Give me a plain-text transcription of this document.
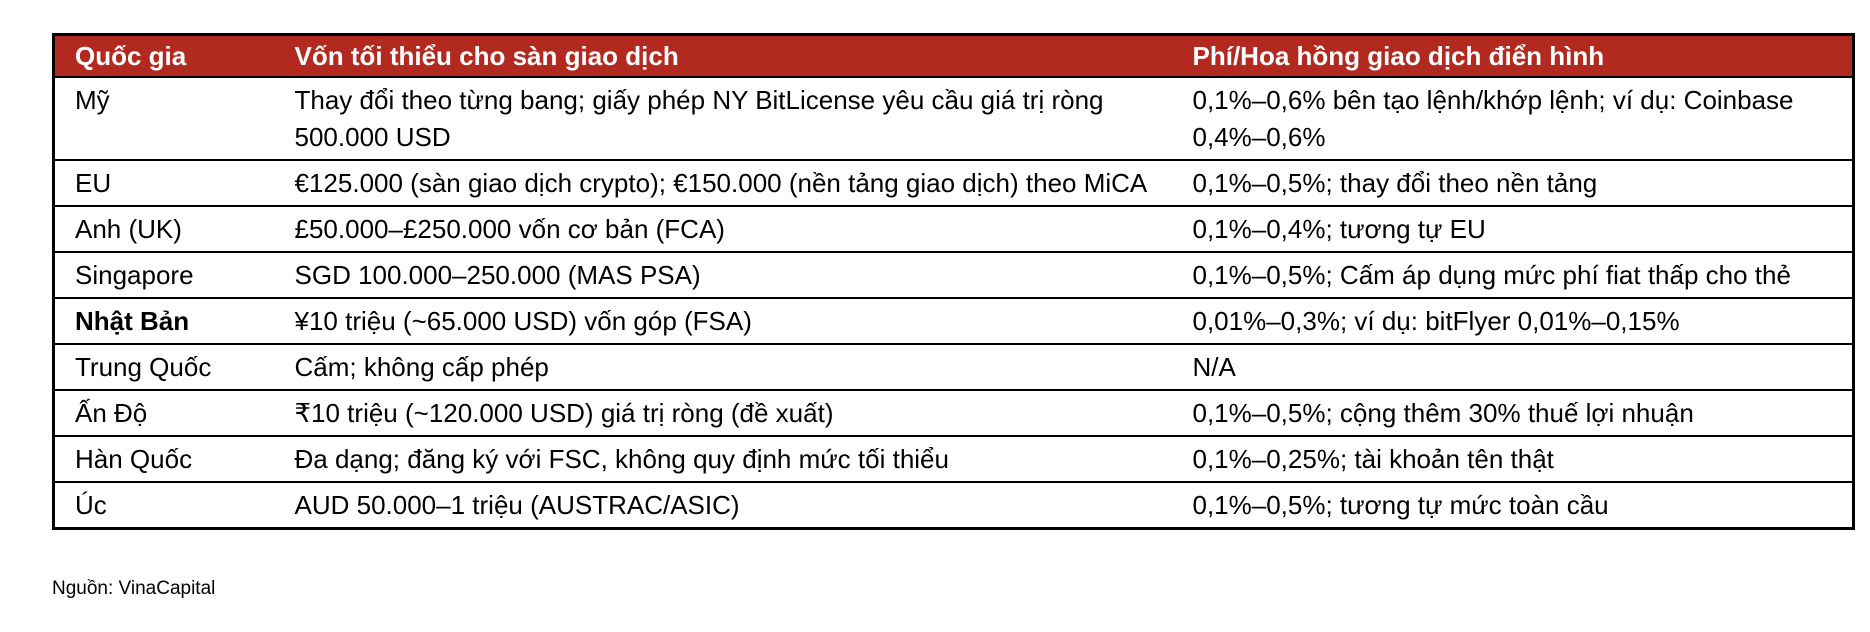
Quốc gia	Vốn tối thiểu cho sàn giao dịch	Phí/Hoa hồng giao dịch điển hình
Mỹ	Thay đổi theo từng bang; giấy phép NY BitLicense yêu cầu giá trị ròng 500.000 USD	0,1%–0,6% bên tạo lệnh/khớp lệnh; ví dụ: Coinbase 0,4%–0,6%
EU	€125.000 (sàn giao dịch crypto); €150.000 (nền tảng giao dịch) theo MiCA	0,1%–0,5%; thay đổi theo nền tảng
Anh (UK)	£50.000–£250.000 vốn cơ bản (FCA)	0,1%–0,4%; tương tự EU
Singapore	SGD 100.000–250.000 (MAS PSA)	0,1%–0,5%; Cấm áp dụng mức phí fiat thấp cho thẻ
Nhật Bản	¥10 triệu (~65.000 USD) vốn góp (FSA)	0,01%–0,3%; ví dụ: bitFlyer 0,01%–0,15%
Trung Quốc	Cấm; không cấp phép	N/A
Ấn Độ	₹10 triệu (~120.000 USD) giá trị ròng (đề xuất)	0,1%–0,5%; cộng thêm 30% thuế lợi nhuận
Hàn Quốc	Đa dạng; đăng ký với FSC, không quy định mức tối thiểu	0,1%–0,25%; tài khoản tên thật
Úc	AUD 50.000–1 triệu (AUSTRAC/ASIC)	0,1%–0,5%; tương tự mức toàn cầu
Nguồn: VinaCapital
